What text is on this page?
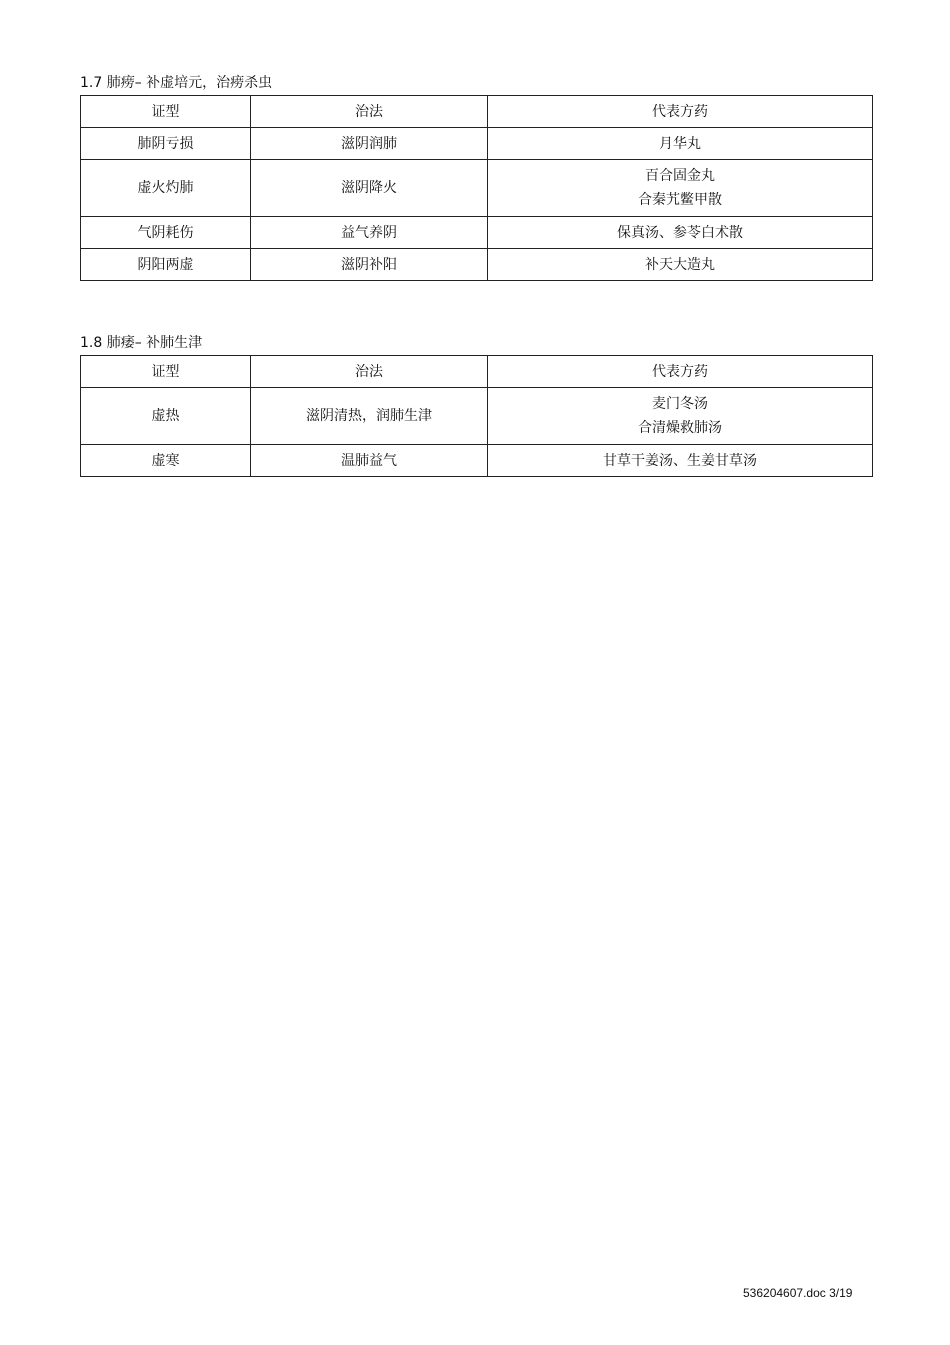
1.7 肺痨– 补虚培元，治痨杀虫
证型	治法	代表方药
肺阴亏损	滋阴润肺	月华丸

虚火灼肺	滋阴降火	百合固金丸
合秦艽鳖甲散

气阴耗伤	益气养阴	保真汤、参苓白术散

阴阳两虚	滋阴补阳	补天大造丸
1.8 肺痿– 补肺生津
证型	治法	代表方药
虚热	滋阴清热，润肺生津	麦门冬汤
合清燥救肺汤

虚寒	温肺益气	甘草干姜汤、生姜甘草汤
536204607.doc 3/19
